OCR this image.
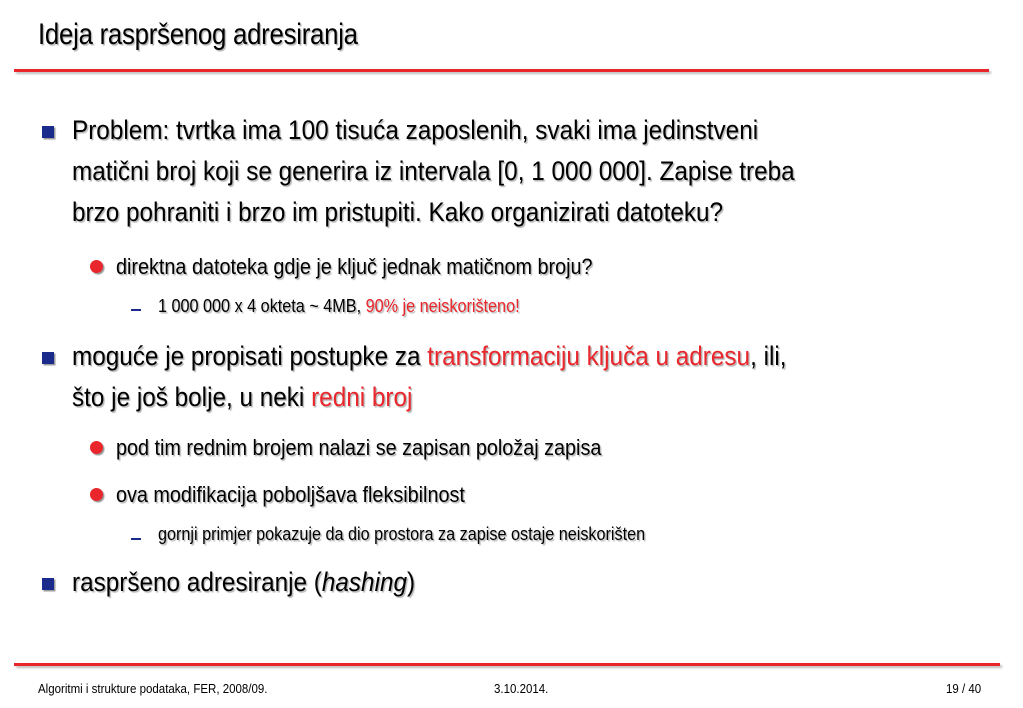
Ideja raspršenog adresiranja
Problem: tvrtka ima 100 tisuća zaposlenih, svaki ima jedinstveni
matični broj koji se generira iz intervala [0, 1 000 000]. Zapise treba
brzo pohraniti i brzo im pristupiti. Kako organizirati datoteku?
direktna datoteka gdje je ključ jednak matičnom broju?
1 000 000 x 4 okteta ~ 4MB, 90% je neiskorišteno!
moguće je propisati postupke za transformaciju ključa u adresu, ili,
što je još bolje, u neki redni broj
pod tim rednim brojem nalazi se zapisan položaj zapisa
ova modifikacija poboljšava fleksibilnost
gornji primjer pokazuje da dio prostora za zapise ostaje neiskorišten
raspršeno adresiranje (hashing)
Algoritmi i strukture podataka, FER, 2008/09.	3.10.2014.	19 / 40
